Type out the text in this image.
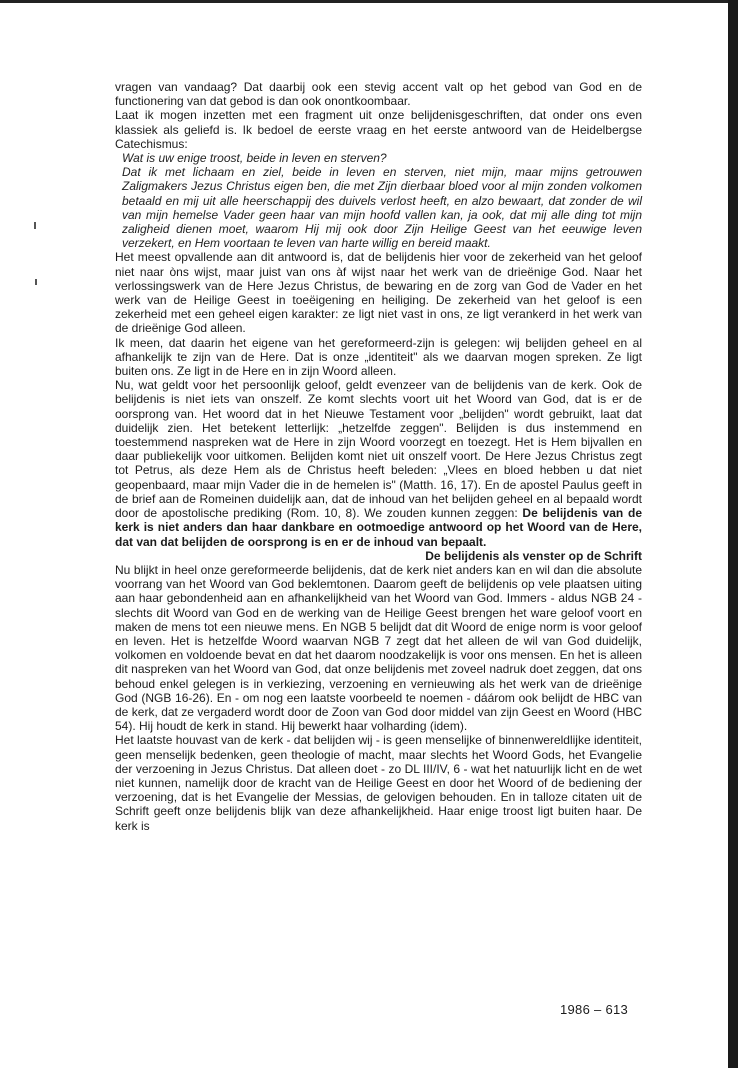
vragen van vandaag? Dat daarbij ook een stevig accent valt op het gebod van God en de functionering van dat gebod is dan ook onontkoombaar.

Laat ik mogen inzetten met een fragment uit onze belijdenisgeschriften, dat onder ons even klassiek als geliefd is. Ik bedoel de eerste vraag en het eerste antwoord van de Heidelbergse Catechismus:

Wat is uw enige troost, beide in leven en sterven?

Dat ik met lichaam en ziel, beide in leven en sterven, niet mijn, maar mijns getrouwen Zaligmakers Jezus Christus eigen ben, die met Zijn dierbaar bloed voor al mijn zonden volkomen betaald en mij uit alle heerschappij des duivels verlost heeft, en alzo bewaart, dat zonder de wil van mijn hemelse Vader geen haar van mijn hoofd vallen kan, ja ook, dat mij alle ding tot mijn zaligheid dienen moet, waarom Hij mij ook door Zijn Heilige Geest van het eeuwige leven verzekert, en Hem voortaan te leven van harte willig en bereid maakt.

Het meest opvallende aan dit antwoord is, dat de belijdenis hier voor de zekerheid van het geloof niet naar òns wijst, maar juist van ons àf wijst naar het werk van de drieënige God. Naar het verlossingswerk van de Here Jezus Christus, de bewaring en de zorg van God de Vader en het werk van de Heilige Geest in toeëigening en heiliging. De zekerheid van het geloof is een zekerheid met een geheel eigen karakter: ze ligt niet vast in ons, ze ligt verankerd in het werk van de drieënige God alleen.

Ik meen, dat daarin het eigene van het gereformeerd-zijn is gelegen: wij belijden geheel en al afhankelijk te zijn van de Here. Dat is onze „identiteit" als we daarvan mogen spreken. Ze ligt buiten ons. Ze ligt in de Here en in zijn Woord alleen.

Nu, wat geldt voor het persoonlijk geloof, geldt evenzeer van de belijdenis van de kerk. Ook de belijdenis is niet iets van onszelf. Ze komt slechts voort uit het Woord van God, dat is er de oorsprong van. Het woord dat in het Nieuwe Testament voor „belijden" wordt gebruikt, laat dat duidelijk zien. Het betekent letterlijk: „hetzelfde zeggen". Belijden is dus instemmend en toestemmend naspreken wat de Here in zijn Woord voorzegt en toezegt. Het is Hem bijvallen en daar publiekelijk voor uitkomen. Belijden komt niet uit onszelf voort. De Here Jezus Christus zegt tot Petrus, als deze Hem als de Christus heeft beleden: „Vlees en bloed hebben u dat niet geopenbaard, maar mijn Vader die in de hemelen is" (Matth. 16, 17). En de apostel Paulus geeft in de brief aan de Romeinen duidelijk aan, dat de inhoud van het belijden geheel en al bepaald wordt door de apostolische prediking (Rom. 10, 8). We zouden kunnen zeggen: De belijdenis van de kerk is niet anders dan haar dankbare en ootmoedige antwoord op het Woord van de Here, dat van dat belijden de oorsprong is en er de inhoud van bepaalt.

De belijdenis als venster op de Schrift

Nu blijkt in heel onze gereformeerde belijdenis, dat de kerk niet anders kan en wil dan die absolute voorrang van het Woord van God beklemtonen. Daarom geeft de belijdenis op vele plaatsen uiting aan haar gebondenheid aan en afhankelijkheid van het Woord van God. Immers - aldus NGB 24 - slechts dit Woord van God en de werking van de Heilige Geest brengen het ware geloof voort en maken de mens tot een nieuwe mens. En NGB 5 belijdt dat dit Woord de enige norm is voor geloof en leven. Het is hetzelfde Woord waarvan NGB 7 zegt dat het alleen de wil van God duidelijk, volkomen en voldoende bevat en dat het daarom noodzakelijk is voor ons mensen. En het is alleen dit naspreken van het Woord van God, dat onze belijdenis met zoveel nadruk doet zeggen, dat ons behoud enkel gelegen is in verkiezing, verzoening en vernieuwing als het werk van de drieënige God (NGB 16-26). En - om nog een laatste voorbeeld te noemen - dáárom ook belijdt de HBC van de kerk, dat ze vergaderd wordt door de Zoon van God door middel van zijn Geest en Woord (HBC 54). Hij houdt de kerk in stand. Hij bewerkt haar volharding (idem).

Het laatste houvast van de kerk - dat belijden wij - is geen menselijke of binnenwereldlijke identiteit, geen menselijk bedenken, geen theologie of macht, maar slechts het Woord Gods, het Evangelie der verzoening in Jezus Christus. Dat alleen doet - zo DL III/IV, 6 - wat het natuurlijk licht en de wet niet kunnen, namelijk door de kracht van de Heilige Geest en door het Woord of de bediening der verzoening, dat is het Evangelie der Messias, de gelovigen behouden. En in talloze citaten uit de Schrift geeft onze belijdenis blijk van deze afhankelijkheid. Haar enige troost ligt buiten haar. De kerk is

1986 – 613
